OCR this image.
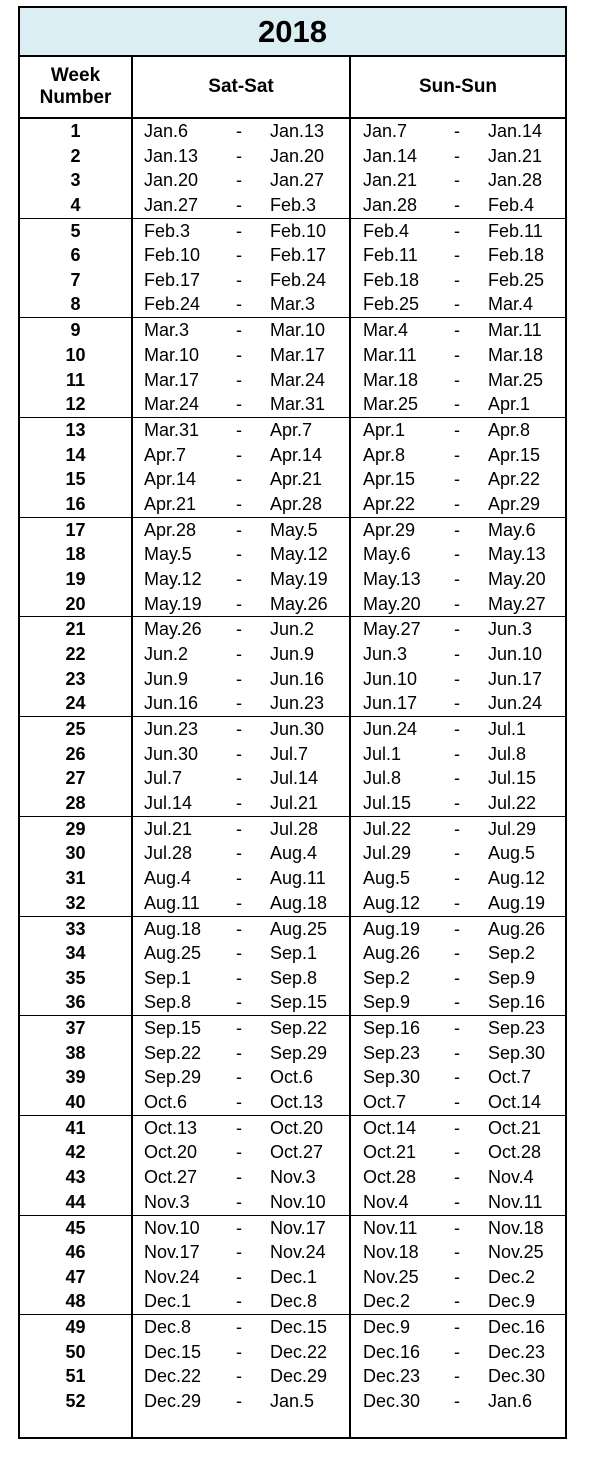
2018
Week
Number
Sat-Sat	Sun-Sun
1	Jan.6	- Jan.13 Jan.7	- Jan.14
2	Jan.13 - Jan.20 Jan.14 - Jan.21
3	Jan.20 - Jan.27 Jan.21 - Jan.28
4	Jan.27 - Feb.3	Jan.28 - Feb.4
5	Feb.3	- Feb.10 Feb.4 - Feb.11
6	Feb.10 - Feb.17 Feb.11 - Feb.18
7	Feb.17 - Feb.24 Feb.18 - Feb.25
8	Feb.24 - Mar.3	Feb.25 - Mar.4
9	Mar.3	- Mar.10 Mar.4	- Mar.11
10	Mar.10 - Mar.17 Mar.11 - Mar.18
11	Mar.17 - Mar.24 Mar.18 - Mar.25
12	Mar.24 - Mar.31 Mar.25 - Apr.1
13	Mar.31 - Apr.7	Apr.1	- Apr.8
14	Apr.7	- Apr.14 Apr.8	- Apr.15
15	Apr.14 - Apr.21 Apr.15 - Apr.22
16	Apr.21 - Apr.28 Apr.22 - Apr.29
17	Apr.28 - May.5	Apr.29 - May.6
18	May.5 - May.12 May.6 - May.13
19	May.12 - May.19 May.13 - May.20
20	May.19 - May.26 May.20 - May.27
21	May.26 - Jun.2	May.27 - Jun.3
22	Jun.2	- Jun.9	Jun.3	- Jun.10
23	Jun.9	- Jun.16 Jun.10 - Jun.17
24	Jun.16 - Jun.23 Jun.17 - Jun.24
25	Jun.23 - Jun.30 Jun.24 - Jul.1
26	Jun.30 - Jul.7	Jul.1	- Jul.8
27	Jul.7	- Jul.14 Jul.8	- Jul.15
28	Jul.14 - Jul.21 Jul.15 - Jul.22
29	Jul.21 - Jul.28 Jul.22 - Jul.29
30	Jul.28 - Aug.4	Jul.29 - Aug.5
31	Aug.4 - Aug.11 Aug.5 - Aug.12
32	Aug.11 - Aug.18 Aug.12 - Aug.19
33	Aug.18 - Aug.25 Aug.19 - Aug.26
34	Aug.25 - Sep.1	Aug.26 - Sep.2
35	Sep.1 - Sep.8	Sep.2 - Sep.9
36	Sep.8 - Sep.15 Sep.9 - Sep.16
37	Sep.15 - Sep.22 Sep.16 - Sep.23
38	Sep.22 - Sep.29 Sep.23 - Sep.30
39	Sep.29 - Oct.6	Sep.30 - Oct.7
40	Oct.6	- Oct.13 Oct.7	- Oct.14
41	Oct.13 - Oct.20 Oct.14 - Oct.21
42	Oct.20 - Oct.27 Oct.21 - Oct.28
43	Oct.27 - Nov.3	Oct.28 - Nov.4
44	Nov.3	- Nov.10 Nov.4	- Nov.11
45	Nov.10 - Nov.17 Nov.11 - Nov.18
46	Nov.17 - Nov.24 Nov.18 - Nov.25
47	Nov.24 - Dec.1	Nov.25 - Dec.2
48	Dec.1 - Dec.8	Dec.2 - Dec.9
49	Dec.8 - Dec.15 Dec.9 - Dec.16
50	Dec.15 - Dec.22 Dec.16 - Dec.23
51	Dec.22 - Dec.29 Dec.23 - Dec.30
52	Dec.29 - Jan.5	Dec.30 - Jan.6
